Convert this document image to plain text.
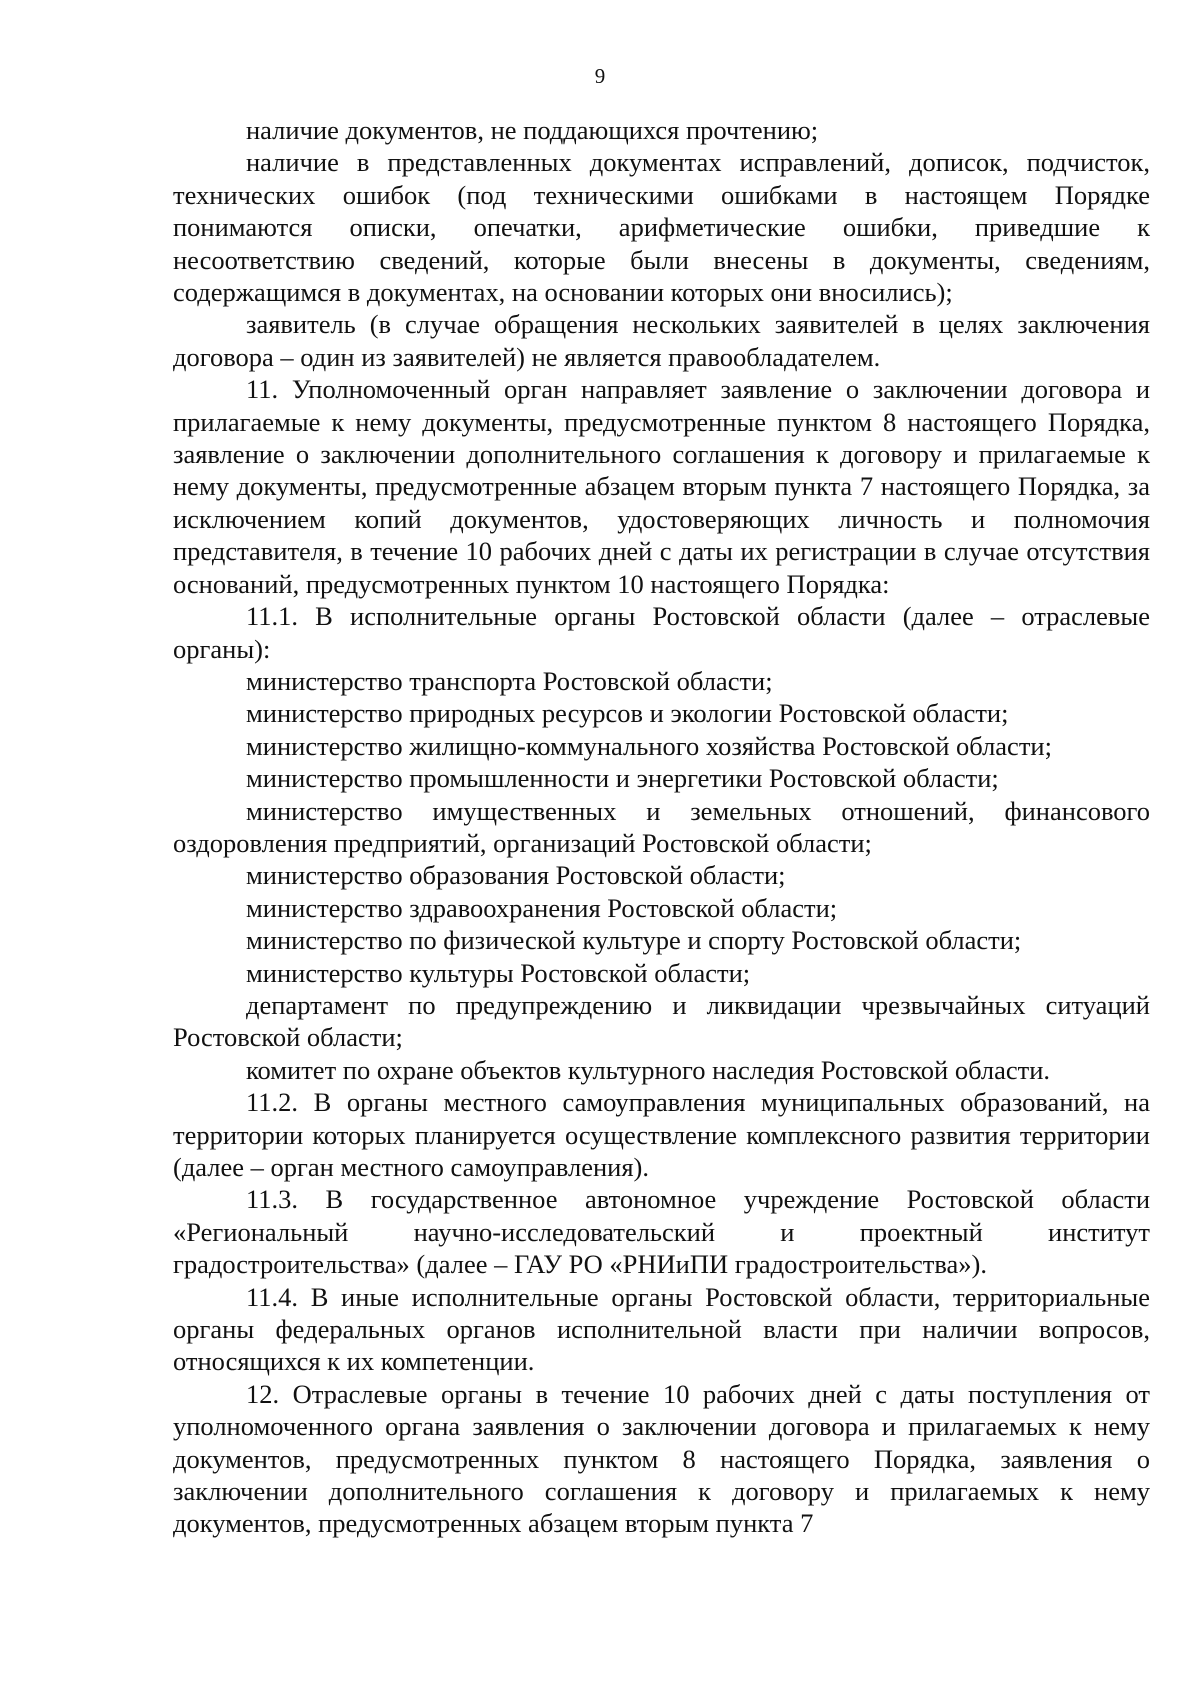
9

наличие документов, не поддающихся прочтению;

наличие в представленных документах исправлений, дописок, подчисток, технических ошибок (под техническими ошибками в настоящем Порядке понимаются описки, опечатки, арифметические ошибки, приведшие к несоответствию сведений, которые были внесены в документы, сведениям, содержащимся в документах, на основании которых они вносились);

заявитель (в случае обращения нескольких заявителей в целях заключения договора – один из заявителей) не является правообладателем.

11. Уполномоченный орган направляет заявление о заключении договора и прилагаемые к нему документы, предусмотренные пунктом 8 настоящего Порядка, заявление о заключении дополнительного соглашения к договору и прилагаемые к нему документы, предусмотренные абзацем вторым пункта 7 настоящего Порядка, за исключением копий документов, удостоверяющих личность и полномочия представителя, в течение 10 рабочих дней с даты их регистрации в случае отсутствия оснований, предусмотренных пунктом 10 настоящего Порядка:

11.1. В исполнительные органы Ростовской области (далее – отраслевые органы):

министерство транспорта Ростовской области;

министерство природных ресурсов и экологии Ростовской области;

министерство жилищно-коммунального хозяйства Ростовской области;

министерство промышленности и энергетики Ростовской области;

министерство имущественных и земельных отношений, финансового оздоровления предприятий, организаций Ростовской области;

министерство образования Ростовской области;

министерство здравоохранения Ростовской области;

министерство по физической культуре и спорту Ростовской области;

министерство культуры Ростовской области;

департамент по предупреждению и ликвидации чрезвычайных ситуаций Ростовской области;

комитет по охране объектов культурного наследия Ростовской области.

11.2. В органы местного самоуправления муниципальных образований, на территории которых планируется осуществление комплексного развития территории (далее – орган местного самоуправления).

11.3. В государственное автономное учреждение Ростовской области «Региональный научно-исследовательский и проектный институт градостроительства» (далее – ГАУ РО «РНИиПИ градостроительства»).

11.4. В иные исполнительные органы Ростовской области, территориальные органы федеральных органов исполнительной власти при наличии вопросов, относящихся к их компетенции.

12. Отраслевые органы в течение 10 рабочих дней с даты поступления от уполномоченного органа заявления о заключении договора и прилагаемых к нему документов, предусмотренных пунктом 8 настоящего Порядка, заявления о заключении дополнительного соглашения к договору и прилагаемых к нему документов, предусмотренных абзацем вторым пункта 7
